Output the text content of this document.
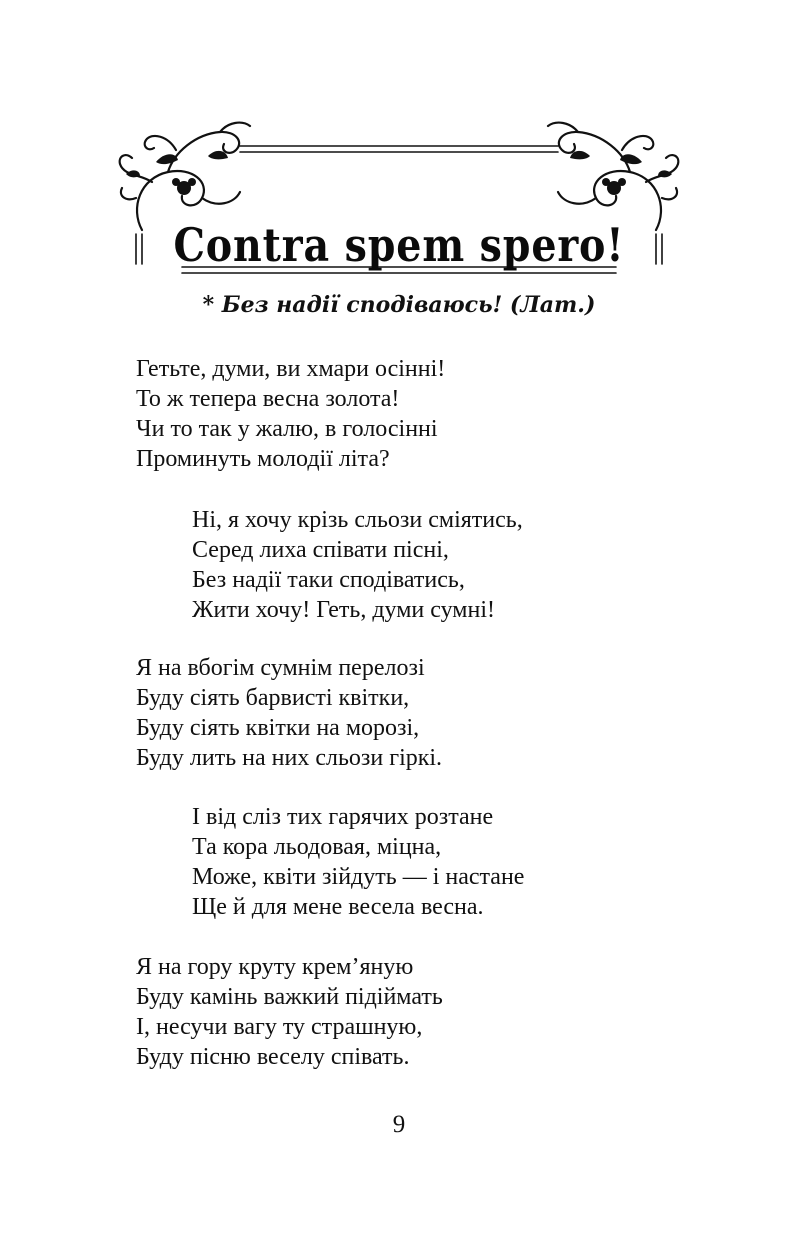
Contra spem spero!
* Без надії сподіваюсь! (Лат.)
Гетьте, думи, ви хмари осінні!
То ж тепера весна золота!
Чи то так у жалю, в голосінні
Проминуть молодії літа?
Ні, я хочу крізь сльози сміятись,
Серед лиха співати пісні,
Без надії таки сподіватись,
Жити хочу! Геть, думи сумні!
Я на вбогім сумнім перелозі
Буду сіять барвисті квітки,
Буду сіять квітки на морозі,
Буду лить на них сльози гіркі.
І від сліз тих гарячих розтане
Та кора льодовая, міцна,
Може, квіти зійдуть — і настане
Ще й для мене весела весна.
Я на гору круту крем’яную
Буду камінь важкий підіймать
І, несучи вагу ту страшную,
Буду пісню веселу співать.
9
